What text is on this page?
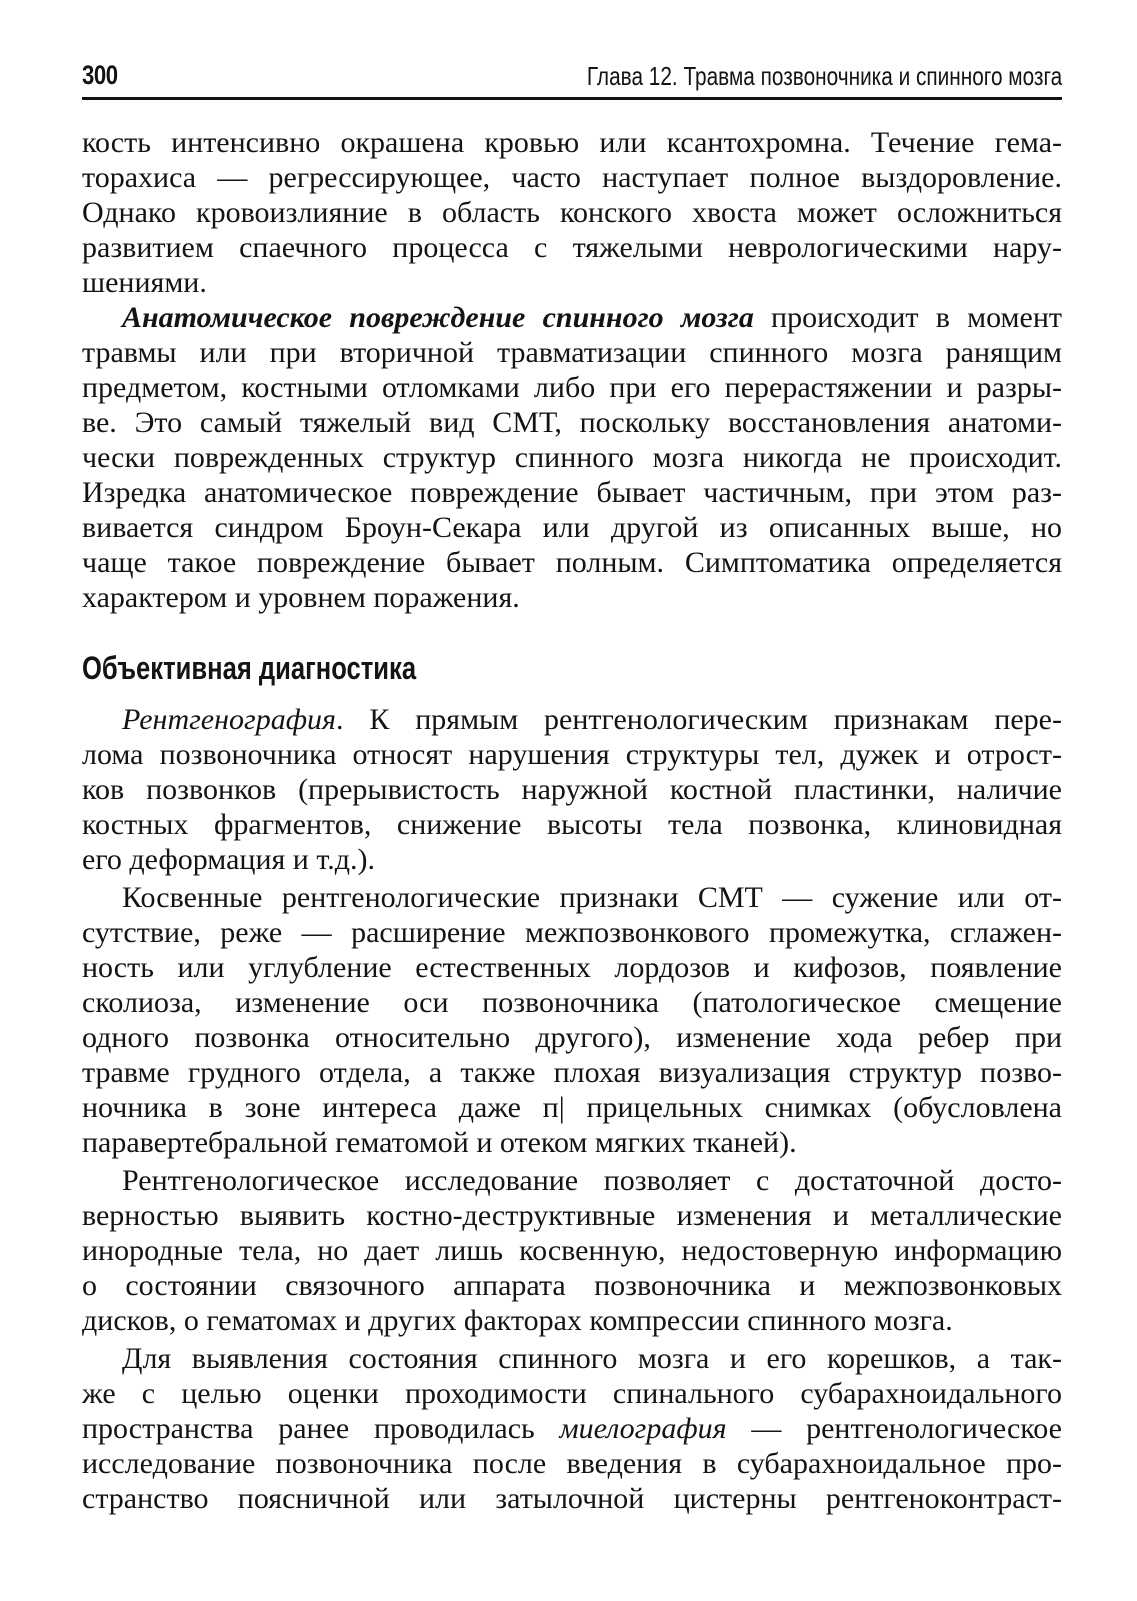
300	Глава 12. Травма позвоночника и спинного мозга
кость интенсивно окрашена кровью или ксантохромна. Течение гема-
торахиса — регрессирующее, часто наступает полное выздоровление.
Однако кровоизлияние в область конского хвоста может осложниться
развитием спаечного процесса с тяжелыми неврологическими нару-
шениями.
Анатомическое повреждение спинного мозга происходит в момент
травмы или при вторичной травматизации спинного мозга ранящим
предметом, костными отломками либо при его перерастяжении и разры-
ве. Это самый тяжелый вид СМТ, поскольку восстановления анатоми-
чески поврежденных структур спинного мозга никогда не происходит.
Изредка анатомическое повреждение бывает частичным, при этом раз-
вивается синдром Броун-Секара или другой из описанных выше, но
чаще такое повреждение бывает полным. Симптоматика определяется
характером и уровнем поражения.
Объективная диагностика
Рентгенография. К прямым рентгенологическим признакам пере-
лома позвоночника относят нарушения структуры тел, дужек и отрост-
ков позвонков (прерывистость наружной костной пластинки, наличие
костных фрагментов, снижение высоты тела позвонка, клиновидная
его деформация и т.д.).
Косвенные рентгенологические признаки СМТ — сужение или от-
сутствие, реже — расширение межпозвонкового промежутка, сглажен-
ность или углубление естественных лордозов и кифозов, появление
сколиоза, изменение оси позвоночника (патологическое смещение
одного позвонка относительно другого), изменение хода ребер при
травме грудного отдела, а также плохая визуализация структур позво-
ночника в зоне интереса даже п| прицельных снимках (обусловлена
паравертебральной гематомой и отеком мягких тканей).
Рентгенологическое исследование позволяет с достаточной досто-
верностью выявить костно-деструктивные изменения и металлические
инородные тела, но дает лишь косвенную, недостоверную информацию
о состоянии связочного аппарата позвоночника и межпозвонковых
дисков, о гематомах и других факторах компрессии спинного мозга.
Для выявления состояния спинного мозга и его корешков, а так-
же с целью оценки проходимости спинального субарахноидального
пространства ранее проводилась миелография — рентгенологическое
исследование позвоночника после введения в субарахноидальное про-
странство поясничной или затылочной цистерны рентгеноконтраст-
